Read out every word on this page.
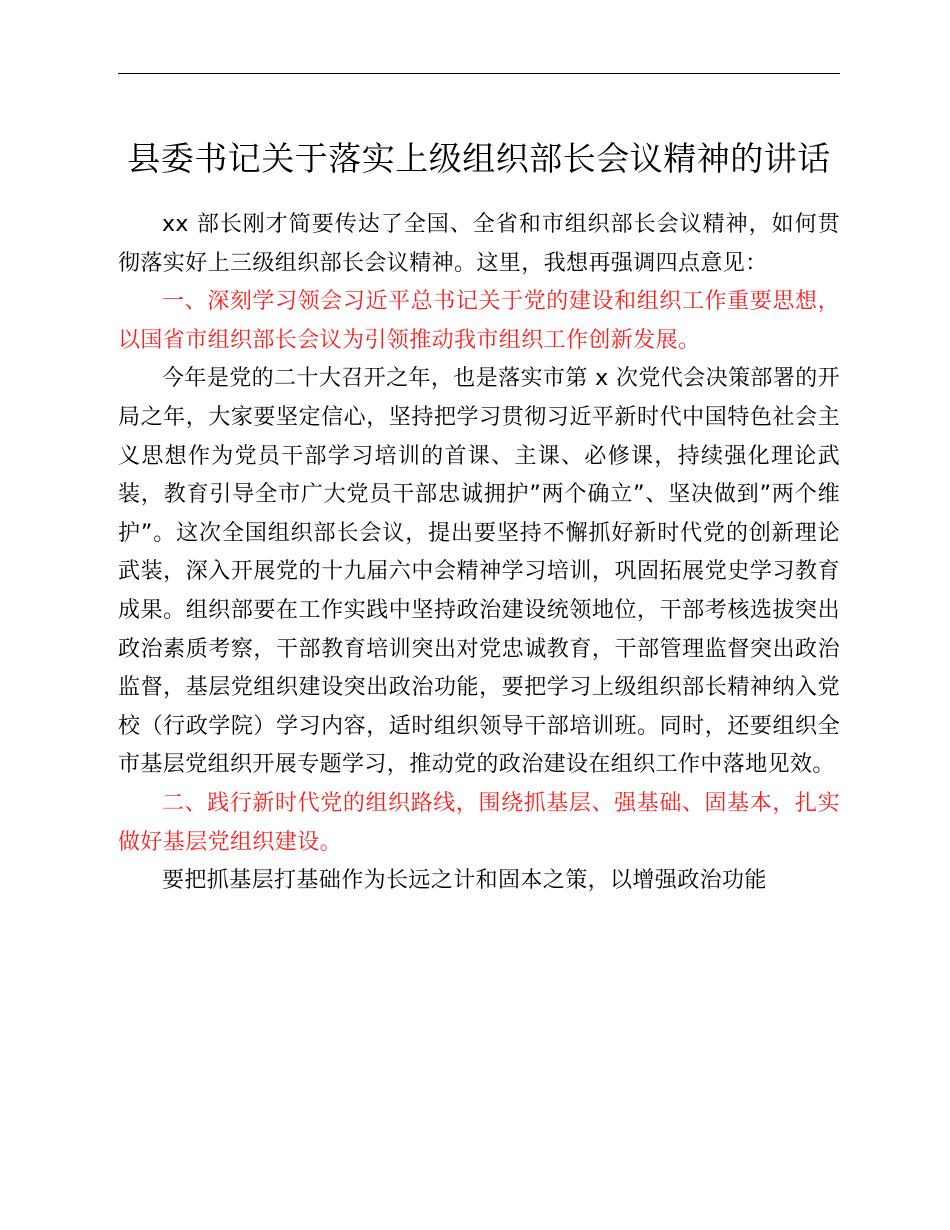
县委书记关于落实上级组织部长会议精神的讲话

xx 部长刚才简要传达了全国、全省和市组织部长会议精神，如何贯彻落实好上三级组织部长会议精神。这里，我想再强调四点意见：

一、深刻学习领会习近平总书记关于党的建设和组织工作重要思想，以国省市组织部长会议为引领推动我市组织工作创新发展。

今年是党的二十大召开之年，也是落实市第 x 次党代会决策部署的开局之年，大家要坚定信心，坚持把学习贯彻习近平新时代中国特色社会主义思想作为党员干部学习培训的首课、主课、必修课，持续强化理论武装，教育引导全市广大党员干部忠诚拥护”两个确立”、坚决做到”两个维护”。这次全国组织部长会议，提出要坚持不懈抓好新时代党的创新理论武装，深入开展党的十九届六中会精神学习培训，巩固拓展党史学习教育成果。组织部要在工作实践中坚持政治建设统领地位，干部考核选拔突出政治素质考察，干部教育培训突出对党忠诚教育，干部管理监督突出政治监督，基层党组织建设突出政治功能，要把学习上级组织部长精神纳入党校（行政学院）学习内容，适时组织领导干部培训班。同时，还要组织全市基层党组织开展专题学习，推动党的政治建设在组织工作中落地见效。

二、践行新时代党的组织路线，围绕抓基层、强基础、固基本，扎实做好基层党组织建设。

要把抓基层打基础作为长远之计和固本之策，以增强政治功能
